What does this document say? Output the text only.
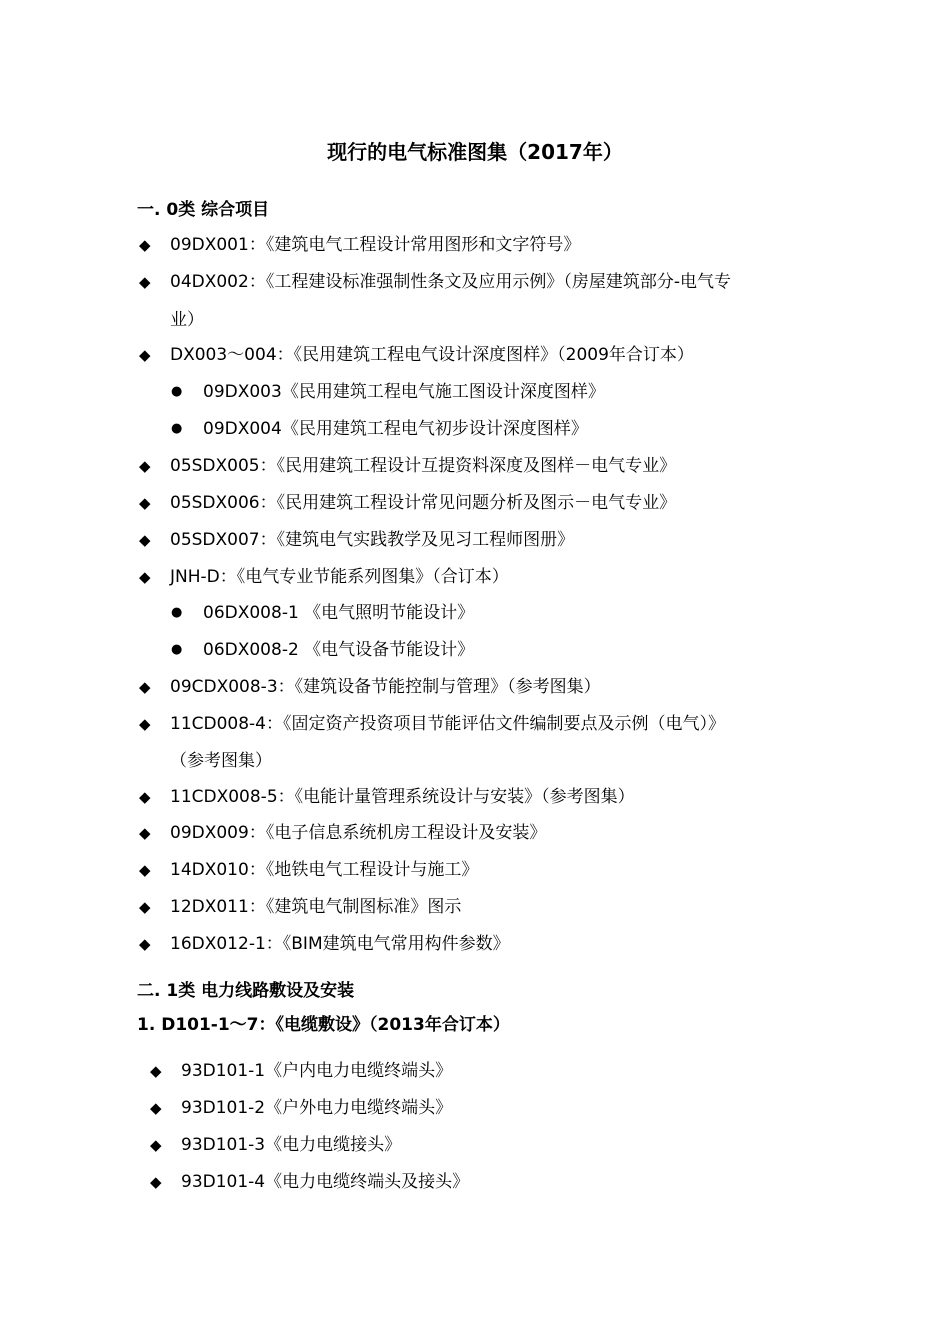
现行的电气标准图集（2017年）
一. 0类 综合项目
◆ 09DX001：《建筑电气工程设计常用图形和文字符号》
◆ 04DX002：《工程建设标准强制性条文及应用示例》（房屋建筑部分-电气专
业）
◆ DX003～004：《民用建筑工程电气设计深度图样》（2009年合订本）
● 09DX003《民用建筑工程电气施工图设计深度图样》
● 09DX004《民用建筑工程电气初步设计深度图样》
◆ 05SDX005：《民用建筑工程设计互提资料深度及图样－电气专业》
◆ 05SDX006：《民用建筑工程设计常见问题分析及图示－电气专业》
◆ 05SDX007：《建筑电气实践教学及见习工程师图册》
◆ JNH-D：《电气专业节能系列图集》（合订本）
● 06DX008-1 《电气照明节能设计》
● 06DX008-2 《电气设备节能设计》
◆ 09CDX008-3：《建筑设备节能控制与管理》（参考图集）
◆ 11CD008-4：《固定资产投资项目节能评估文件编制要点及示例（电气）》
（参考图集）
◆ 11CDX008-5：《电能计量管理系统设计与安装》（参考图集）
◆ 09DX009：《电子信息系统机房工程设计及安装》
◆ 14DX010：《地铁电气工程设计与施工》
◆ 12DX011：《建筑电气制图标准》图示
◆ 16DX012-1：《BIM建筑电气常用构件参数》
二. 1类 电力线路敷设及安装
1. D101-1～7：《电缆敷设》（2013年合订本）
◆ 93D101-1《户内电力电缆终端头》
◆ 93D101-2《户外电力电缆终端头》
◆ 93D101-3《电力电缆接头》
◆ 93D101-4《电力电缆终端头及接头》
